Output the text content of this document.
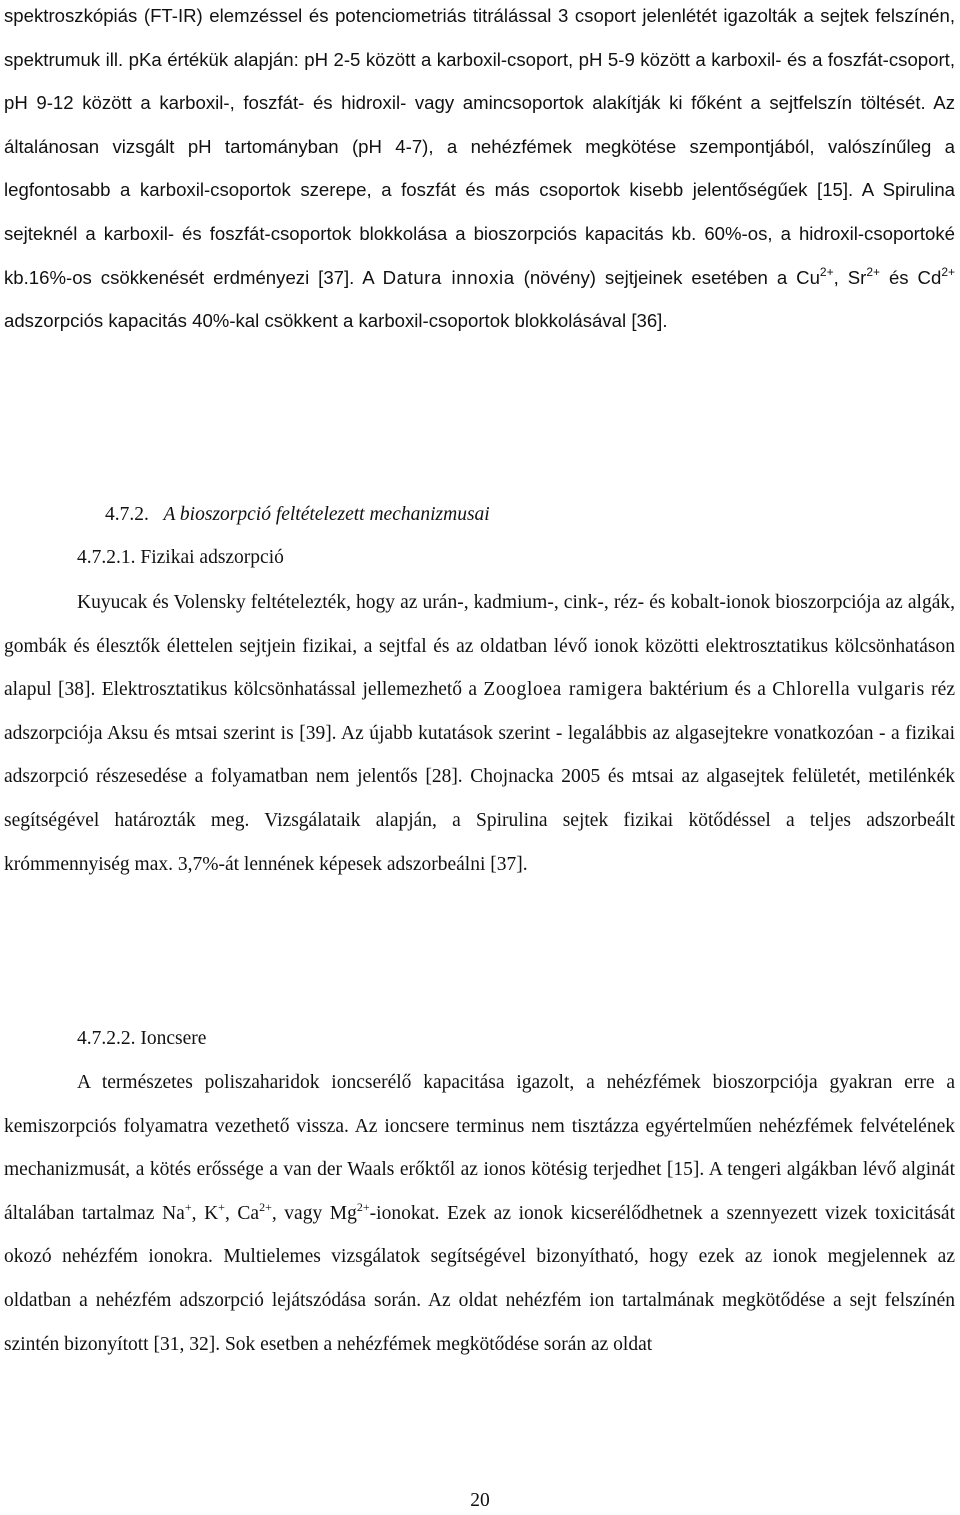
spektroszkópiás (FT-IR) elemzéssel és potenciometriás titrálással 3 csoport jelenlétét igazolták a sejtek felszínén, spektrumuk ill. pKa értékük alapján: pH 2-5 között a karboxil-csoport, pH 5-9 között a karboxil- és a foszfát-csoport, pH 9-12 között a karboxil-, foszfát- és hidroxil- vagy amincsoportok alakítják ki főként a sejtfelszín töltését. Az általánosan vizsgált pH tartományban (pH 4-7), a nehézfémek megkötése szempontjából, valószínűleg a legfontosabb a karboxil-csoportok szerepe, a foszfát és más csoportok kisebb jelentőségűek [15]. A Spirulina sejteknél a karboxil- és foszfát-csoportok blokkolása a bioszorpciós kapacitás kb. 60%-os, a hidroxil-csoportoké kb.16%-os csökkenését erdményezi [37]. A Datura innoxia (növény) sejtjeinek esetében a $Cu^{2+}$, $Sr^{2+}$ és $Cd^{2+}$ adszorpciós kapacitás 40%-kal csökkent a karboxil-csoportok blokkolásával [36].

4.7.2. A bioszorpció feltételezett mechanizmusai

4.7.2.1. Fizikai adszorpció

Kuyucak és Volensky feltételezték, hogy az urán-, kadmium-, cink-, réz- és kobalt-ionok bioszorpciója az algák, gombák és élesztők élettelen sejtjein fizikai, a sejtfal és az oldatban lévő ionok közötti elektrosztatikus kölcsönhatáson alapul [38]. Elektrosztatikus kölcsönhatással jellemezhető a Zoogloea ramigera baktérium és a Chlorella vulgaris réz adszorpciója Aksu és mtsai szerint is [39]. Az újabb kutatások szerint - legalábbis az algasejtekre vonatkozóan - a fizikai adszorpció részesedése a folyamatban nem jelentős [28]. Chojnacka 2005 és mtsai az algasejtek felületét, metilénkék segítségével határozták meg. Vizsgálataik alapján, a Spirulina sejtek fizikai kötődéssel a teljes adszorbeált krómmennyiség max. 3,7%-át lennének képesek adszorbeálni [37].

4.7.2.2. Ioncsere

A természetes poliszaharidok ioncserélő kapacitása igazolt, a nehézfémek bioszorpciója gyakran erre a kemiszorpciós folyamatra vezethető vissza. Az ioncsere terminus nem tisztázza egyértelműen nehézfémek felvételének mechanizmusát, a kötés erőssége a van der Waals erőktől az ionos kötésig terjedhet [15]. A tengeri algákban lévő alginát általában tartalmaz Na+, K+, $Ca^{2+}$, vagy $Mg^{2+}$-ionokat. Ezek az ionok kicserélődhetnek a szennyezett vizek toxicitását okozó nehézfém ionokra. Multielemes vizsgálatok segítségével bizonyítható, hogy ezek az ionok megjelennek az oldatban a nehézfém adszorpció lejátszódása során. Az oldat nehézfém ion tartalmának megkötődése a sejt felszínén szintén bizonyított [31, 32]. Sok esetben a nehézfémek megkötődése során az oldat

20
